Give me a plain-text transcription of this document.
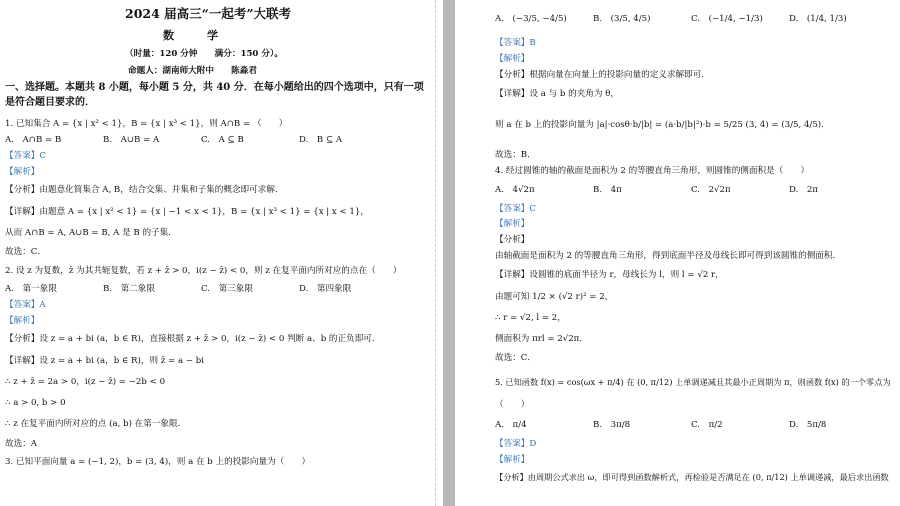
2024 届高三“一起考”大联考
数　　　学
（时量：120 分钟　　满分：150 分）。
命题人：湖南师大附中　　陈淼君
一、选择题。本题共 8 小题，每小题 5 分，共 40 分．在每小题给出的四个选项中，只有一项
是符合题目要求的．
1. 已知集合 A = {x | x² < 1}，B = {x | x³ < 1}，则 A∩B = （　　）
A.　A∩B = B	B.　A∪B = A	C.　A ⊆ B	D.　B ⊆ A
【答案】C
【解析】
【分析】由题意化简集合 A, B，结合交集、并集和子集的概念即可求解．
【详解】由题意 A = {x | x² < 1} = {x | −1 < x < 1}，B = {x | x³ < 1} = {x | x < 1}，
从而 A∩B = A, A∪B = B, A 是 B 的子集．
故选：C．
2. 设 z 为复数，z̄ 为其共轭复数，若 z + z̄ > 0，i(z − z̄) < 0，则 z 在复平面内所对应的点在（　　）
A.　第一象限	B.　第二象限	C.　第三象限	D.　第四象限
【答案】A
【解析】
【分析】设 z = a + bi (a，b ∈ R)，直接根据 z + z̄ > 0，i(z − z̄) < 0 判断 a、b 的正负即可．
【详解】设 z = a + bi (a，b ∈ R)，则 z̄ = a − bi
∴ z + z̄ = 2a > 0，i(z − z̄) = −2b < 0
∴ a > 0, b > 0
∴ z 在复平面内所对应的点 (a, b) 在第一象限．
故选：A
3. 已知平面向量 a = (−1, 2)，b = (3, 4)，则 a 在 b 上的投影向量为（　　）
A.　(−3/5, −4/5)	B.　(3/5, 4/5)	C.　(−1/4, −1/3)	D.　(1/4, 1/3)
【答案】B
【解析】
【分析】根据向量在向量上的投影向量的定义求解即可．
【详解】设 a 与 b 的夹角为 θ，
则 a 在 b 上的投影向量为 |a|·cosθ·b/|b| = (a·b/|b|²)·b = 5/25 (3, 4) = (3/5, 4/5)．
故选：B．
4. 经过圆锥的轴的截面是面积为 2 的等腰直角三角形，则圆锥的侧面积是（　　）
A.　4√2π	B.　4π	C.　2√2π	D.　2π
【答案】C
【解析】
【分析】
由轴截面是面积为 2 的等腰直角三角形，得到底面半径及母线长即可得到该圆锥的侧面积．
【详解】设圆锥的底面半径为 r，母线长为 l，则 l = √2 r，
由题可知 1/2 × (√2 r)² = 2，
∴ r = √2, l = 2，
侧面积为 πrl = 2√2π．
故选：C．
5. 已知函数 f(x) = cos(ωx + π/4) 在 (0, π/12) 上单调递减且其最小正周期为 π，则函数 f(x) 的一个零点为
（　　）
A.　π/4	B.　3π/8	C.　π/2	D.　5π/8
【答案】D
【解析】
【分析】由周期公式求出 ω，即可得到函数解析式，再检验是否满足在 (0, π/12) 上单调递减，最后求出函数
